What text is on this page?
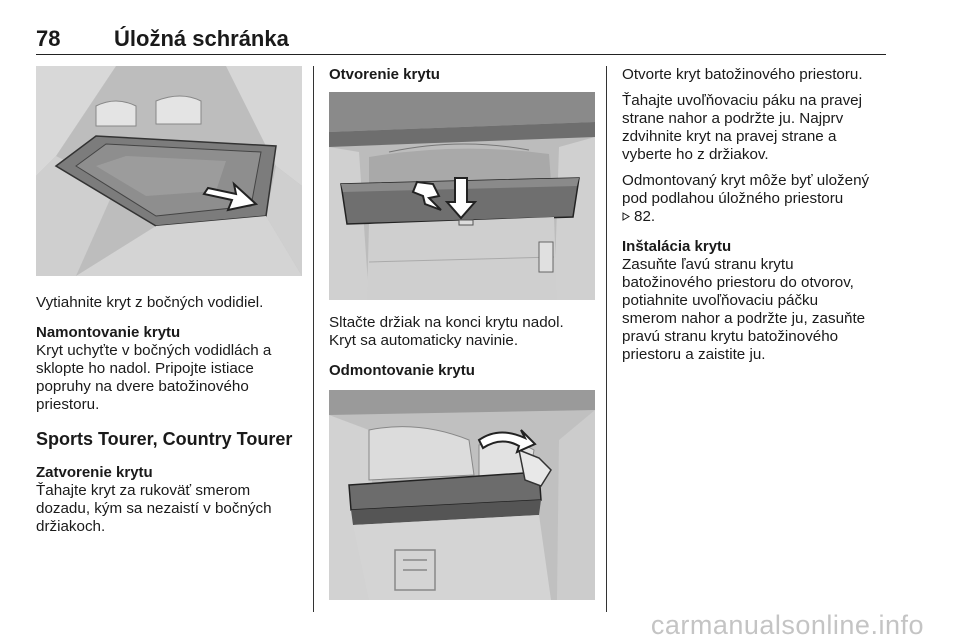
78 Úložná schránka

Vytiahnite kryt z bočných vodidiel.

Namontovanie krytu

Kryt uchyťte v bočných vodidlách a

sklopte ho nadol. Pripojte istiace

popruhy na dvere batožinového

priestoru.

Sports Tourer, Country Tourer

Zatvorenie krytu

Ťahajte kryt za rukoväť smerom

dozadu, kým sa nezaistí v bočných

držiakoch.

Otvorenie krytu

Sltačte držiak na konci krytu nadol.

Kryt sa automaticky navinie.

Odmontovanie krytu

Otvorte kryt batožinového priestoru.

Ťahajte uvoľňovaciu páku na pravej

strane nahor a podržte ju. Najprv

zdvihnite kryt na pravej strane a

vyberte ho z držiakov.

Odmontovaný kryt môže byť uložený

pod podlahou úložného priestoru

82.

Inštalácia krytu

Zasuňte ľavú stranu krytu

batožinového priestoru do otvorov,

potiahnite uvoľňovaciu páčku

smerom nahor a podržte ju, zasuňte

pravú stranu krytu batožinového

priestoru a zaistite ju.

carmanualsonline.info
